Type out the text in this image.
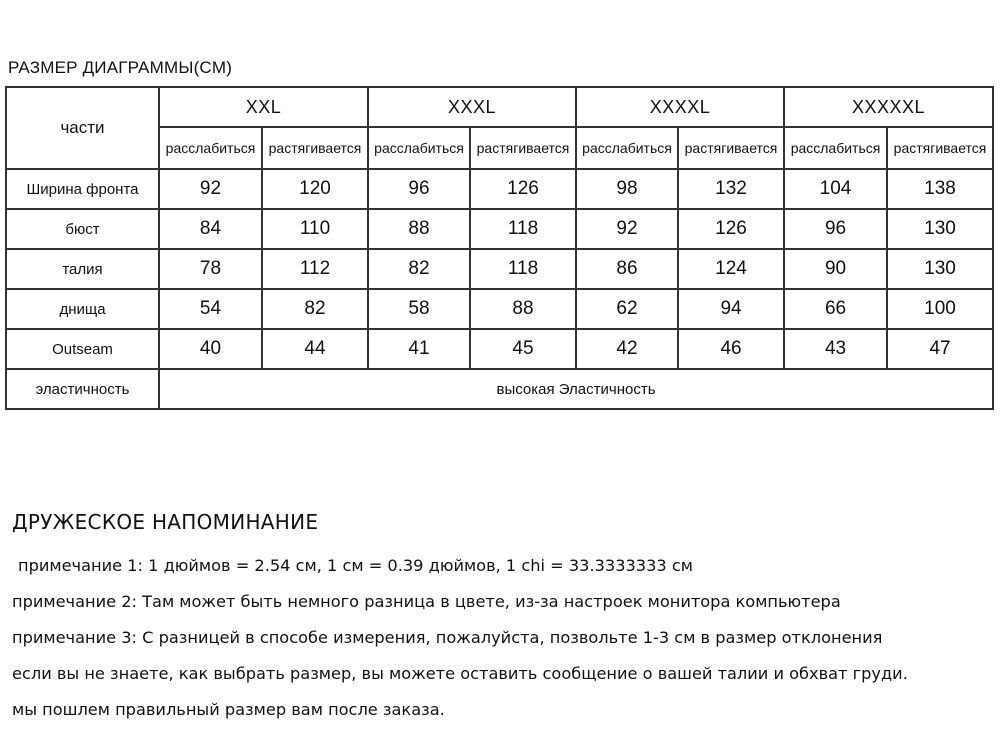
РАЗМЕР ДИАГРАММЫ(CM)
части	XXL		XXXL		XXXXL		XXXXXL	
	расслабиться	растягивается	расслабиться	растягивается	расслабиться	растягивается	расслабиться	растягивается
Ширина фронта	92	120	96	126	98	132	104	138
бюст	84	110	88	118	92	126	96	130
талия	78	112	82	118	86	124	90	130
днища	54	82	58	88	62	94	66	100
Outseam	40	44	41	45	42	46	43	47
эластичность	высокая Эластичность							
ДРУЖЕСКОЕ НАПОМИНАНИЕ
примечание 1: 1 дюймов = 2.54 см, 1 см = 0.39 дюймов, 1 chi = 33.3333333 см
примечание 2: Там может быть немного разница в цвете, из-за настроек монитора компьютера
примечание 3: С разницей в способе измерения, пожалуйста, позвольте 1-3 см в размер отклонения
если вы не знаете, как выбрать размер, вы можете оставить сообщение о вашей талии и обхват груди.
мы пошлем правильный размер вам после заказа.
